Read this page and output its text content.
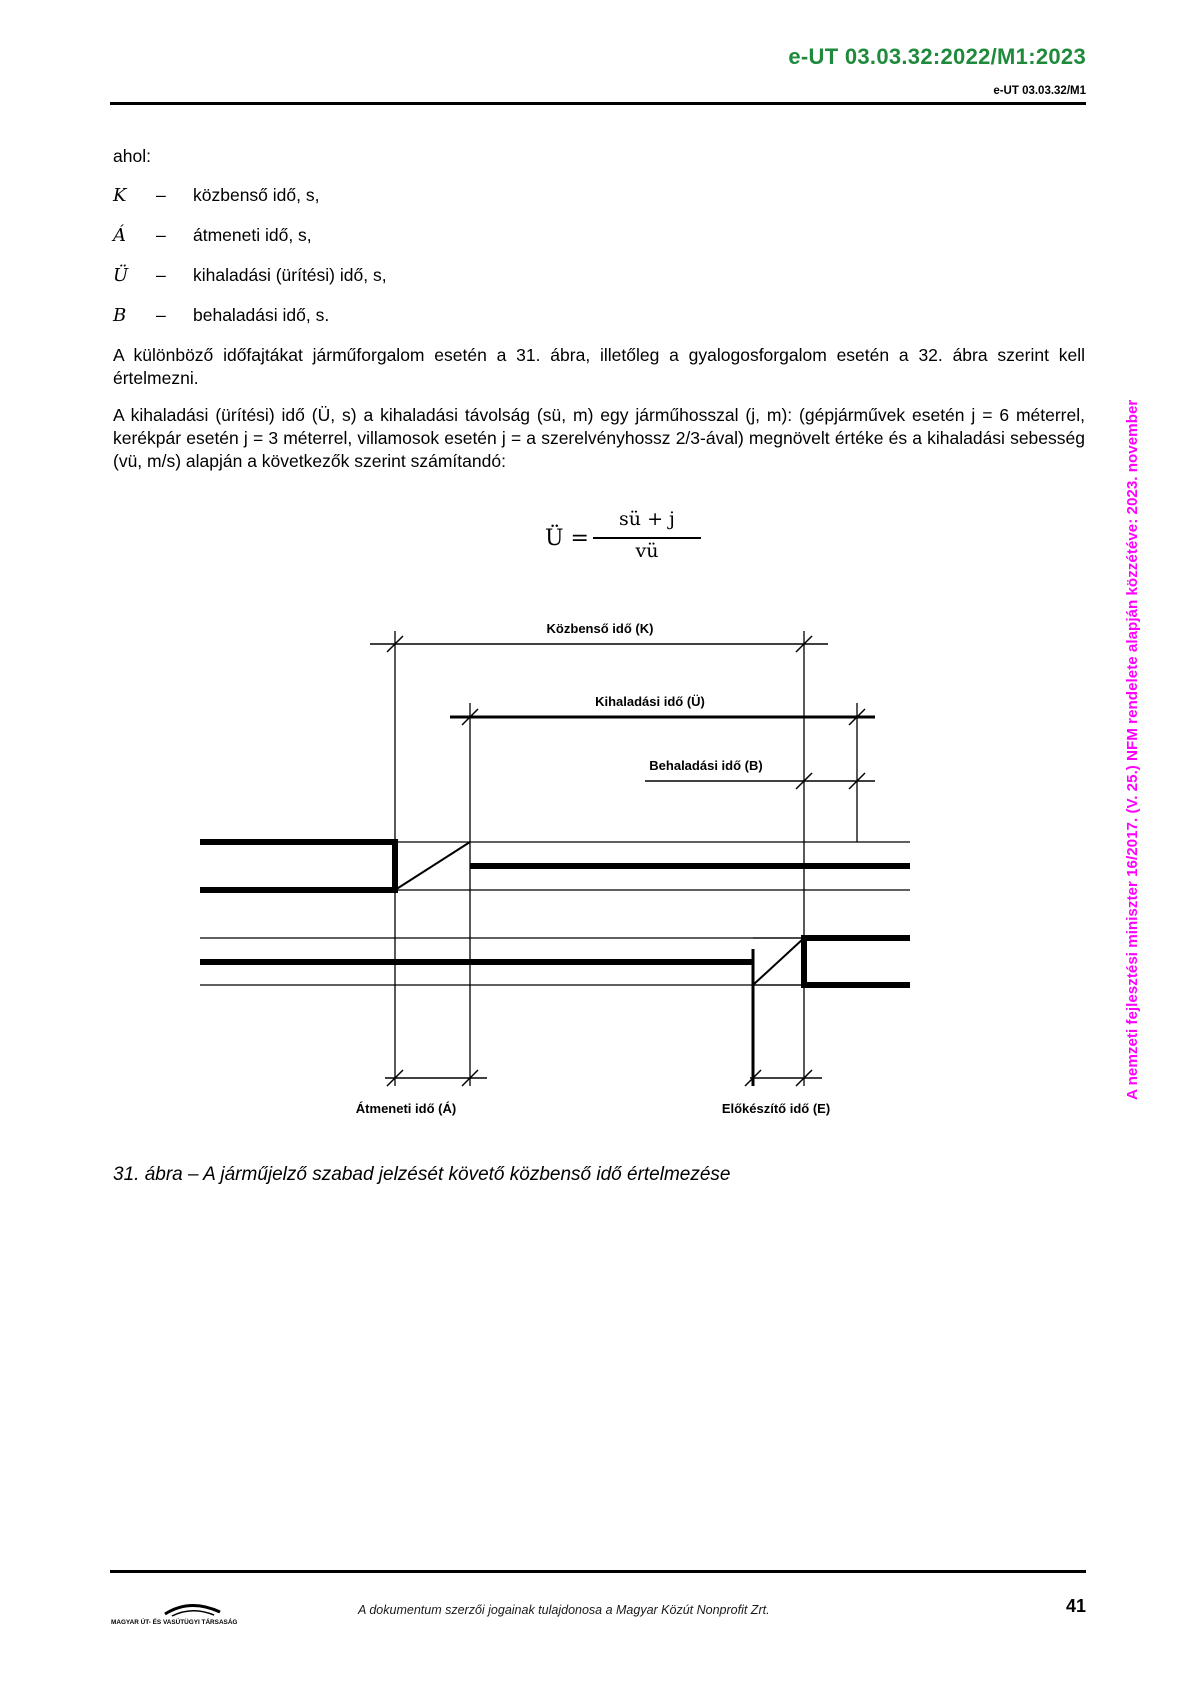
e-UT 03.03.32:2022/M1:2023
e-UT 03.03.32/M1
A nemzeti fejlesztési miniszter 16/2017. (V. 25.) NFM rendelete alapján közzétéve: 2023. november
ahol:
K – közbenső idő, s,
Á – átmeneti idő, s,
Ü – kihaladási (ürítési) idő, s,
B – behaladási idő, s.
A különböző időfajtákat járműforgalom esetén a 31. ábra, illetőleg a gyalogosforgalom esetén a 32. ábra szerint kell értelmezni.
A kihaladási (ürítési) idő (Ü, s) a kihaladási távolság (sü, m) egy járműhosszal (j, m): (gépjárművek esetén j = 6 méterrel, kerékpár esetén j = 3 méterrel, villamosok esetén j = a szerelvényhossz 2/3-ával) megnövelt értéke és a kihaladási sebesség (vü, m/s) alapján a következők szerint számítandó:
Ü =
sü + j
vü
Közbenső idő (K)
Kihaladási idő (Ü)
Behaladási idő (B)
Átmeneti idő (Á)	Előkészítő idő (E)
31. ábra – A járműjelző szabad jelzését követő közbenső idő értelmezése
MAGYAR ÚT- ÉS VASÚTÜGYI TÁRSASÁG
A dokumentum szerzői jogainak tulajdonosa a Magyar Közút Nonprofit Zrt.	41
